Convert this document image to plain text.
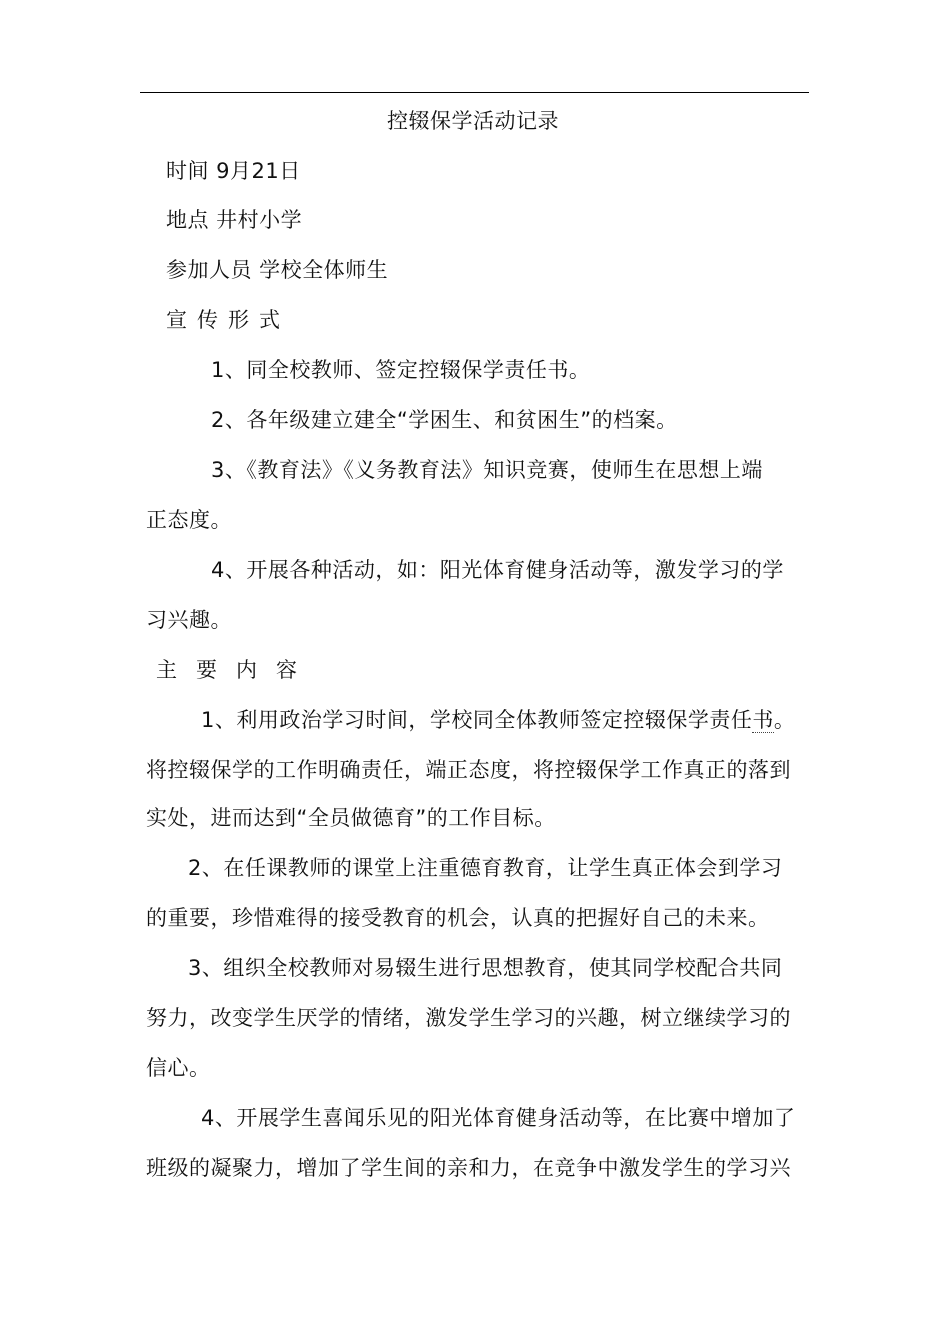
控辍保学活动记录
时间 9月21日
地点 井村小学
参加人员 学校全体师生
宣传形式
1、同全校教师、签定控辍保学责任书。
2、各年级建立建全“学困生、和贫困生”的档案。
3、《教育法》《义务教育法》知识竞赛，使师生在思想上端
正态度。
4、开展各种活动，如：阳光体育健身活动等，激发学习的学
习兴趣。
主要内容
1、利用政治学习时间，学校同全体教师签定控辍保学责任书。
将控辍保学的工作明确责任，端正态度，将控辍保学工作真正的落到
实处，进而达到“全员做德育”的工作目标。
2、在任课教师的课堂上注重德育教育，让学生真正体会到学习
的重要，珍惜难得的接受教育的机会，认真的把握好自己的未来。
3、组织全校教师对易辍生进行思想教育，使其同学校配合共同
努力，改变学生厌学的情绪，激发学生学习的兴趣，树立继续学习的
信心。
4、开展学生喜闻乐见的阳光体育健身活动等，在比赛中增加了
班级的凝聚力，增加了学生间的亲和力，在竞争中激发学生的学习兴
